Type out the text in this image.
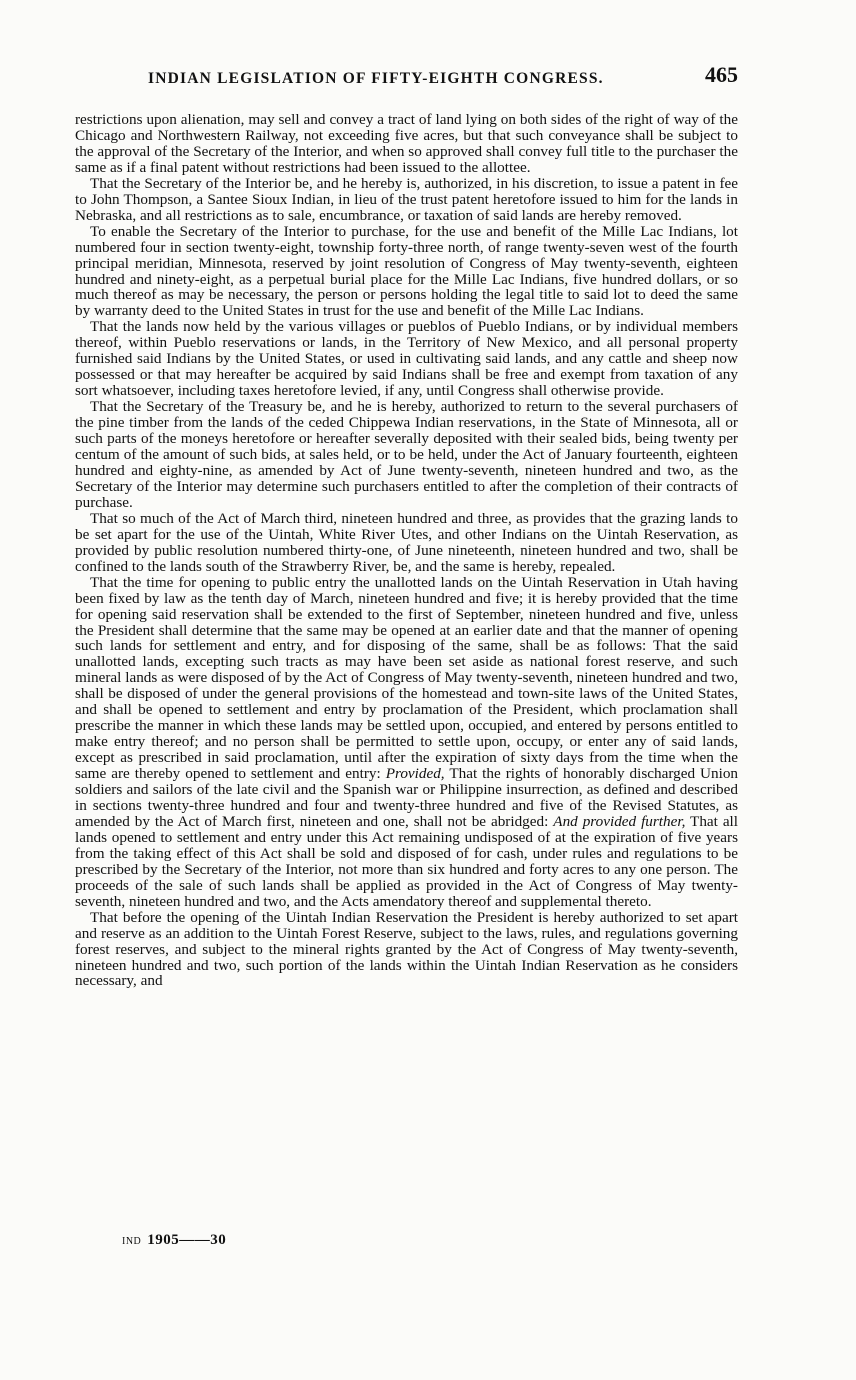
INDIAN LEGISLATION OF FIFTY-EIGHTH CONGRESS.	465

restrictions upon alienation, may sell and convey a tract of land lying on both sides of the right of way of the Chicago and Northwestern Railway, not exceeding five acres, but that such conveyance shall be subject to the approval of the Secretary of the Interior, and when so approved shall convey full title to the purchaser the same as if a final patent without restrictions had been issued to the allottee.

That the Secretary of the Interior be, and he hereby is, authorized, in his discretion, to issue a patent in fee to John Thompson, a Santee Sioux Indian, in lieu of the trust patent heretofore issued to him for the lands in Nebraska, and all restrictions as to sale, encumbrance, or taxation of said lands are hereby removed.

To enable the Secretary of the Interior to purchase, for the use and benefit of the Mille Lac Indians, lot numbered four in section twenty-eight, township forty-three north, of range twenty-seven west of the fourth principal meridian, Minnesota, reserved by joint resolution of Congress of May twenty-seventh, eighteen hundred and ninety-eight, as a perpetual burial place for the Mille Lac Indians, five hundred dollars, or so much thereof as may be necessary, the person or persons holding the legal title to said lot to deed the same by warranty deed to the United States in trust for the use and benefit of the Mille Lac Indians.

That the lands now held by the various villages or pueblos of Pueblo Indians, or by individual members thereof, within Pueblo reservations or lands, in the Territory of New Mexico, and all personal property furnished said Indians by the United States, or used in cultivating said lands, and any cattle and sheep now possessed or that may hereafter be acquired by said Indians shall be free and exempt from taxation of any sort whatsoever, including taxes heretofore levied, if any, until Congress shall otherwise provide.

That the Secretary of the Treasury be, and he is hereby, authorized to return to the several purchasers of the pine timber from the lands of the ceded Chippewa Indian reservations, in the State of Minnesota, all or such parts of the moneys heretofore or hereafter severally deposited with their sealed bids, being twenty per centum of the amount of such bids, at sales held, or to be held, under the Act of January fourteenth, eighteen hundred and eighty-nine, as amended by Act of June twenty-seventh, nineteen hundred and two, as the Secretary of the Interior may determine such purchasers entitled to after the completion of their contracts of purchase.

That so much of the Act of March third, nineteen hundred and three, as provides that the grazing lands to be set apart for the use of the Uintah, White River Utes, and other Indians on the Uintah Reservation, as provided by public resolution numbered thirty-one, of June nineteenth, nineteen hundred and two, shall be confined to the lands south of the Strawberry River, be, and the same is hereby, repealed.

That the time for opening to public entry the unallotted lands on the Uintah Reservation in Utah having been fixed by law as the tenth day of March, nineteen hundred and five; it is hereby provided that the time for opening said reservation shall be extended to the first of September, nineteen hundred and five, unless the President shall determine that the same may be opened at an earlier date and that the manner of opening such lands for settlement and entry, and for disposing of the same, shall be as follows: That the said unallotted lands, excepting such tracts as may have been set aside as national forest reserve, and such mineral lands as were disposed of by the Act of Congress of May twenty-seventh, nineteen hundred and two, shall be disposed of under the general provisions of the homestead and town-site laws of the United States, and shall be opened to settlement and entry by proclamation of the President, which proclamation shall prescribe the manner in which these lands may be settled upon, occupied, and entered by persons entitled to make entry thereof; and no person shall be permitted to settle upon, occupy, or enter any of said lands, except as prescribed in said proclamation, until after the expiration of sixty days from the time when the same are thereby opened to settlement and entry: Provided, That the rights of honorably discharged Union soldiers and sailors of the late civil and the Spanish war or Philippine insurrection, as defined and described in sections twenty-three hundred and four and twenty-three hundred and five of the Revised Statutes, as amended by the Act of March first, nineteen and one, shall not be abridged: And provided further, That all lands opened to settlement and entry under this Act remaining undisposed of at the expiration of five years from the taking effect of this Act shall be sold and disposed of for cash, under rules and regulations to be prescribed by the Secretary of the Interior, not more than six hundred and forty acres to any one person. The proceeds of the sale of such lands shall be applied as provided in the Act of Congress of May twenty-seventh, nineteen hundred and two, and the Acts amendatory thereof and supplemental thereto.

That before the opening of the Uintah Indian Reservation the President is hereby authorized to set apart and reserve as an addition to the Uintah Forest Reserve, subject to the laws, rules, and regulations governing forest reserves, and subject to the mineral rights granted by the Act of Congress of May twenty-seventh, nineteen hundred and two, such portion of the lands within the Uintah Indian Reservation as he considers necessary, and

ind 1905——30
